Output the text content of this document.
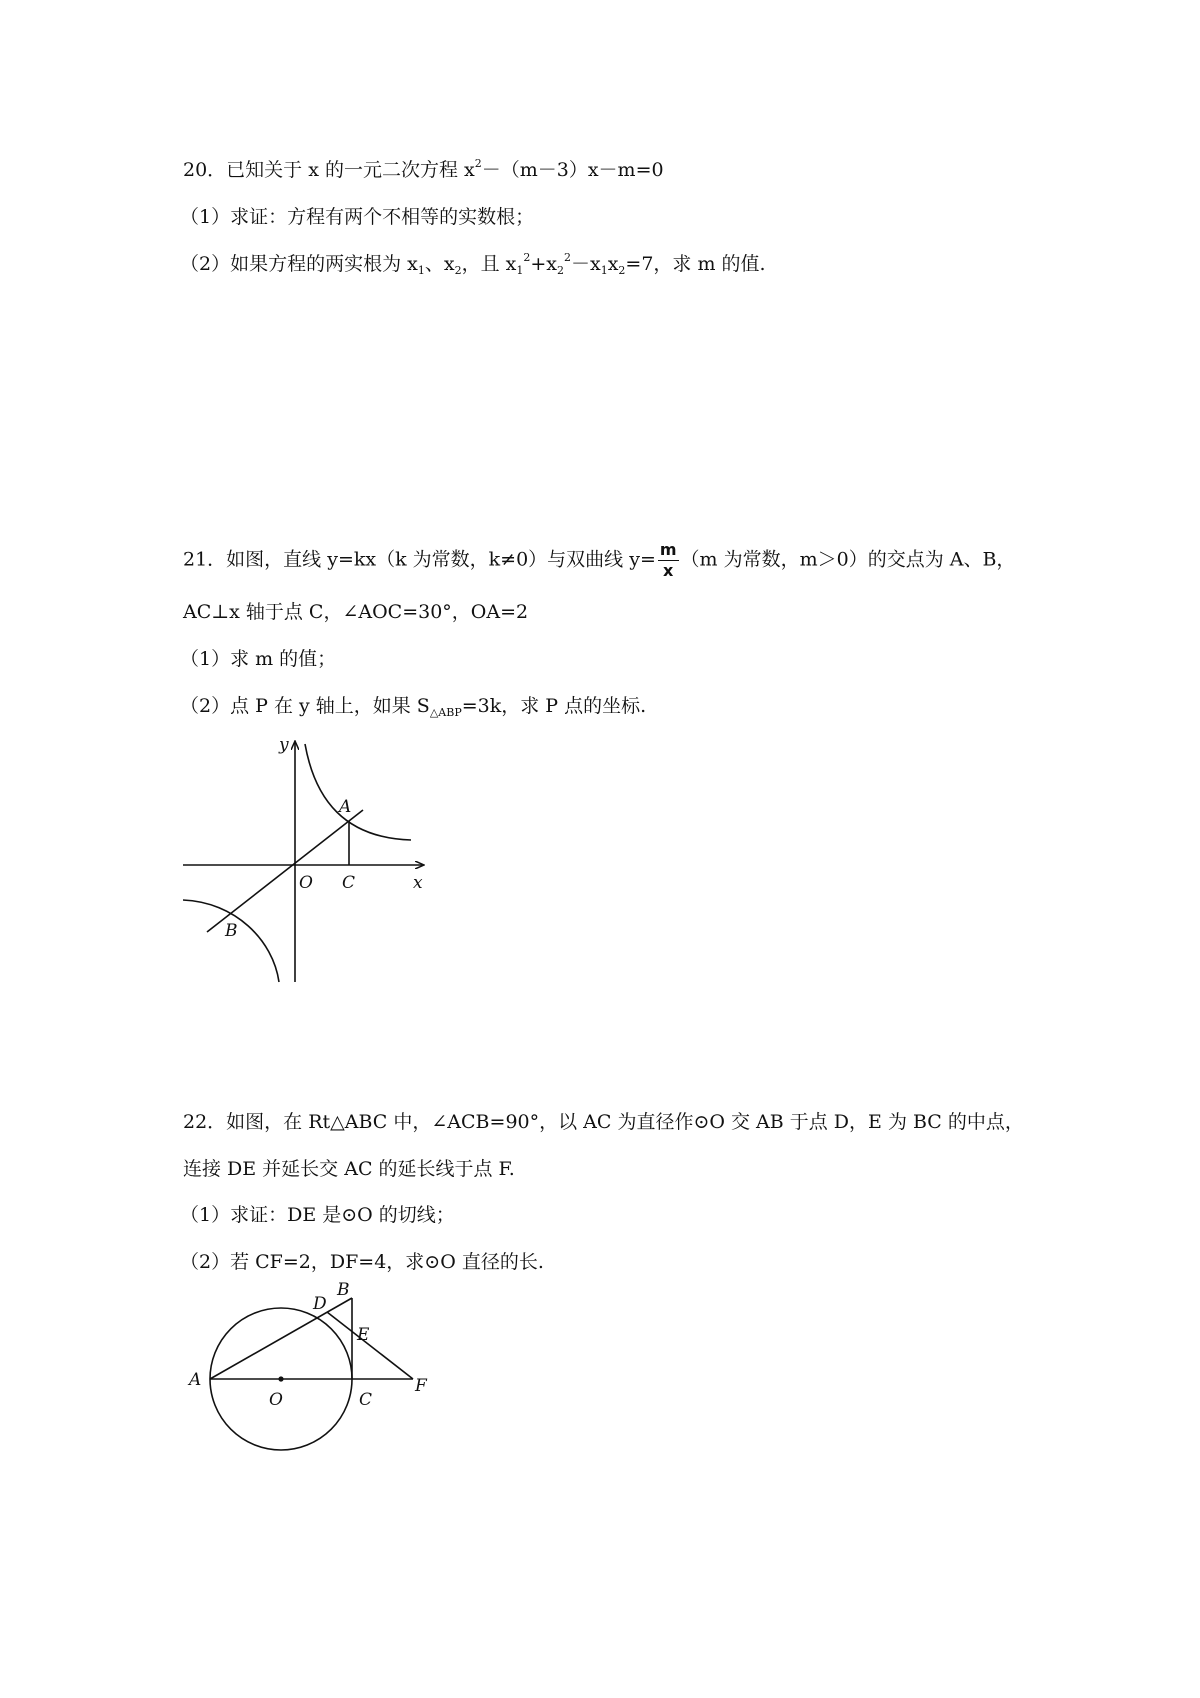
20．已知关于 x 的一元二次方程 $x^2-(m-3)x-m=0$
（1）求证：方程有两个不相等的实数根；
（2）如果方程的两实根为 $x_1$、$x_2$，且 $x_1^2+x_2^2-x_1x_2=7$，求 m 的值.
21．如图，直线 y=kx（k 为常数，k≠0）与双曲线 $y= \frac{m}{x} (m$ 为常数，m＞0）的交点为 A、B，
AC⊥x 轴于点 C，∠AOC=30°，OA=2
（1）求 m 的值；
（2）点 P 在 y 轴上，如果 $S_{\triangle ABP}=3k$，求 P 点的坐标.
y
x
A
B
O C
22．如图，在 Rt△ABC 中，∠ACB=90°，以 AC 为直径作⊙O 交 AB 于点 D，E 为 BC 的中点，
连接 DE 并延长交 AC 的延长线于点 F.
（1）求证：DE 是⊙O 的切线；
（2）若 CF=2，DF=4，求⊙O 直径的长.
A
B
C
D
E
F
O
